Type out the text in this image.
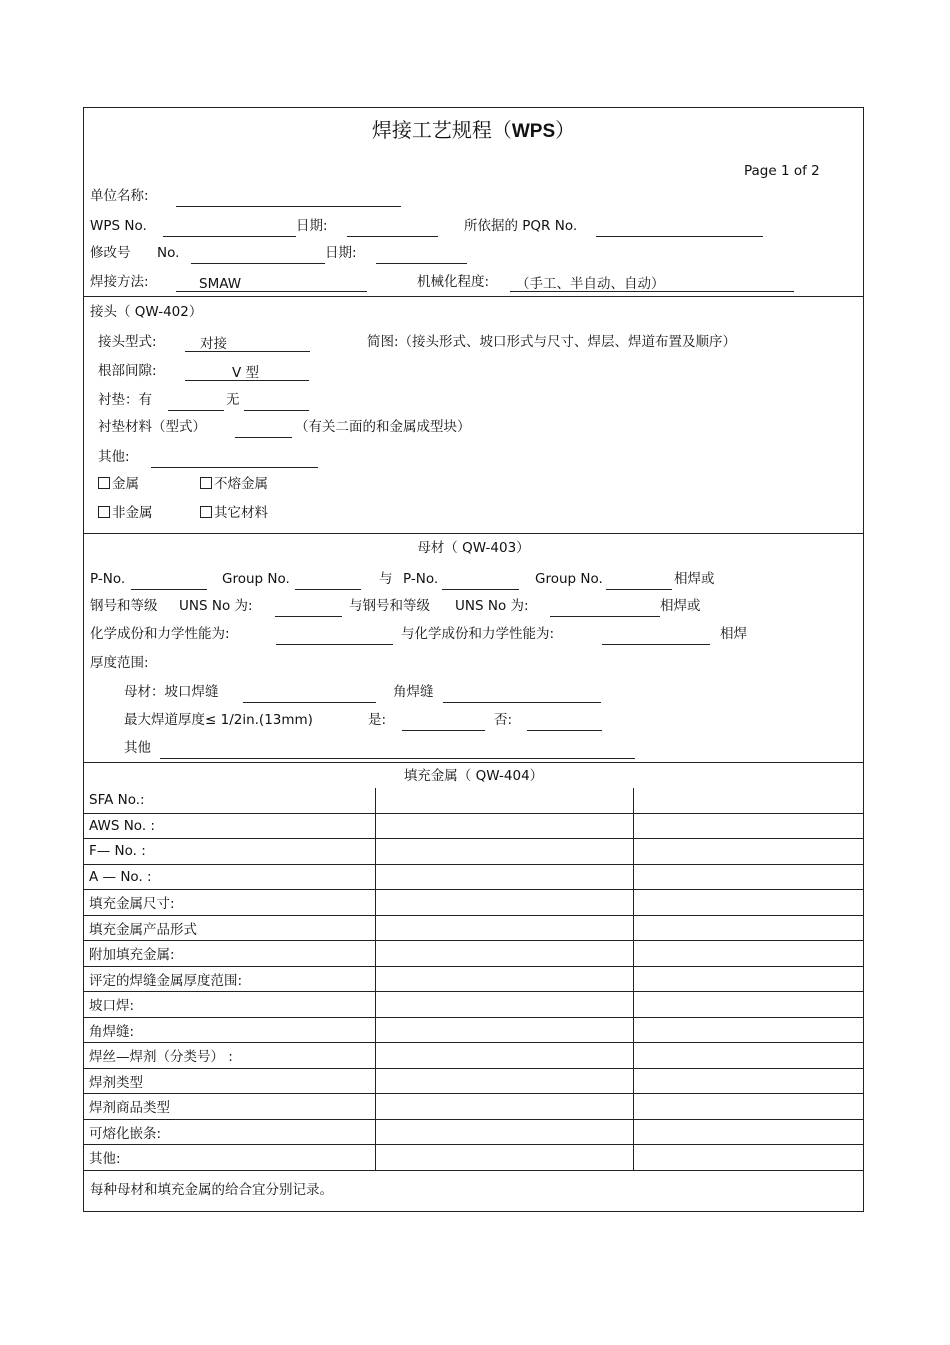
焊接工艺规程（WPS）
Page 1 of 2
单位名称:
WPS No.	日期:	所依据的 PQR No.
修改号 No.	日期:
焊接方法:	SMAW	机械化程度:	（手工、半自动、自动）
接头（ QW-402）
接头型式:	对接	简图:（接头形式、坡口形式与尺寸、焊层、焊道布置及顺序）
根部间隙:	V 型
衬垫：有	无
衬垫材料（型式）	（有关二面的和金属成型块）
其他:
金属	不熔金属
非金属	其它材料
母材（ QW-403）
P-No.	Group No.	与 P-No.	Group No.	相焊或
钢号和等级 UNS No 为:	与钢号和等级 UNS No 为:	相焊或
化学成份和力学性能为:	与化学成份和力学性能为:	相焊
厚度范围:
母材：坡口焊缝	角焊缝
最大焊道厚度≤ 1/2in.(13mm)	是:	否:
其他
填充金属（ QW-404）
SFA No.:		
AWS No. :		
F— No. :		
A — No. :		
填充金属尺寸:		
填充金属产品形式		
附加填充金属:		
评定的焊缝金属厚度范围:		
坡口焊:		
角焊缝:		
焊丝—焊剂（分类号） :		
焊剂类型		
焊剂商品类型		
可熔化嵌条:		
其他:		
每种母材和填充金属的给合宜分别记录。
